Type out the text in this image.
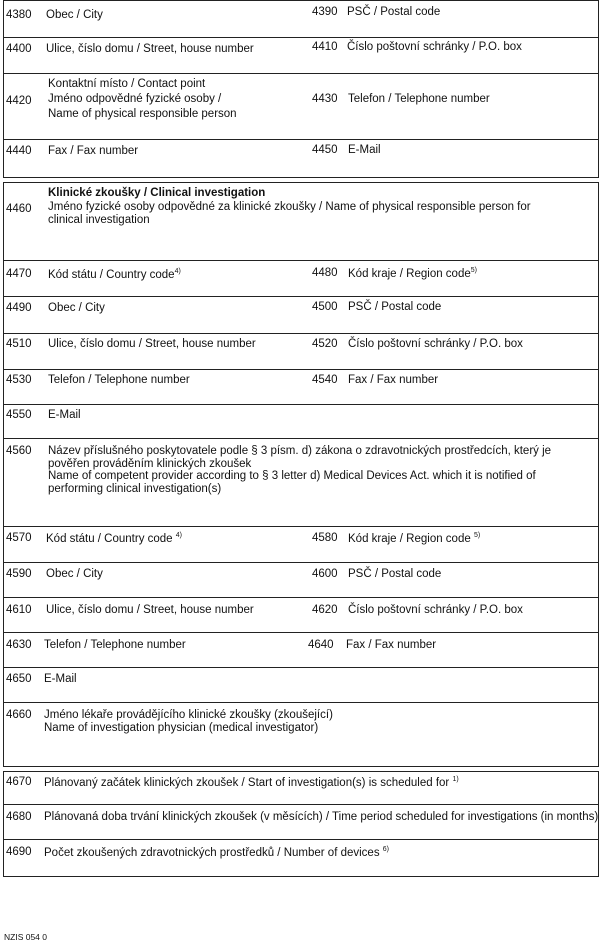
4380 Obec / City	4390 PSČ / Postal code
4400 Ulice, číslo domu / Street, house number	4410 Číslo poštovní schránky / P.O. box
Kontaktní místo / Contact point
4420 Jméno odpovědné fyzické osoby /
Name of physical responsible person
4430 Telefon / Telephone number
4440 Fax / Fax number	4450 E-Mail
Klinické zkoušky / Clinical investigation
4460 Jméno fyzické osoby odpovědné za klinické zkoušky / Name of physical responsible person for clinical investigation
4470 Kód státu / Country code$^{4)}$	4480 Kód kraje / Region code$^{5)}$
4490 Obec / City	4500 PSČ / Postal code
4510 Ulice, číslo domu / Street, house number	4520 Číslo poštovní schránky / P.O. box
4530 Telefon / Telephone number	4540 Fax / Fax number
4550 E-Mail
4560 Název příslušného poskytovatele podle § 3 písm. d) zákona o zdravotnických prostředcích, který je pověřen prováděním klinických zkoušek
Name of competent provider according to § 3 letter d) Medical Devices Act. which it is notified of performing clinical investigation(s)
4570 Kód státu / Country code $^{4)}$	4580 Kód kraje / Region code $^{5)}$
4590 Obec / City	4600 PSČ / Postal code
4610 Ulice, číslo domu / Street, house number	4620 Číslo poštovní schránky / P.O. box
4630 Telefon / Telephone number	4640 Fax / Fax number
4650 E-Mail
4660 Jméno lékaře provádějícího klinické zkoušky (zkoušející)
Name of investigation physician (medical investigator)
4670 Plánovaný začátek klinických zkoušek / Start of investigation(s) is scheduled for $^{1)}$
4680 Plánovaná doba trvání klinických zkoušek (v měsících) / Time period scheduled for investigations (in months)
4690 Počet zkoušených zdravotnických prostředků / Number of devices $^{6)}$
NZIS 054 0
